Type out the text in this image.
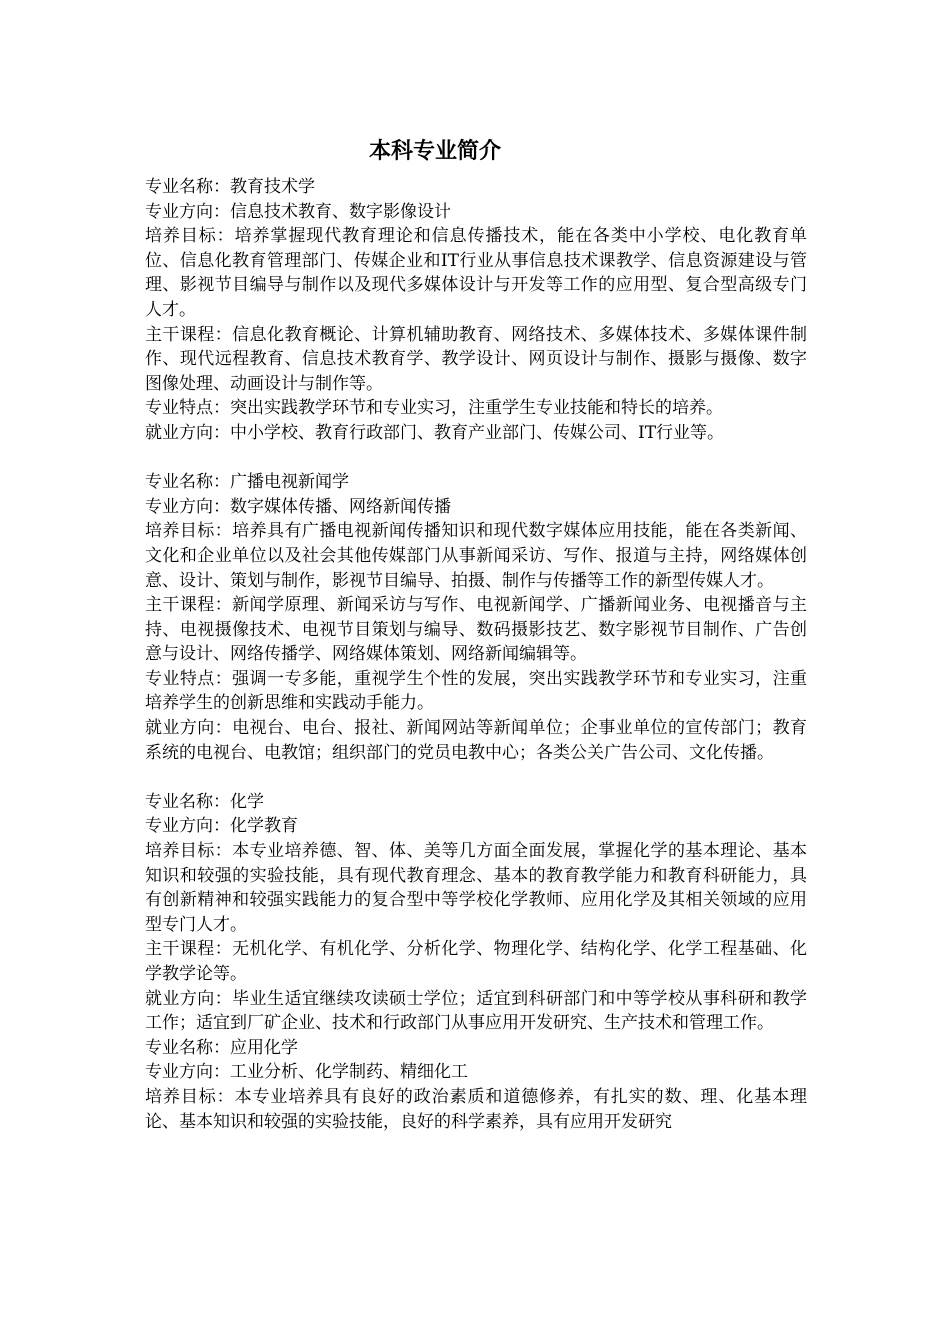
本科专业简介

专业名称：教育技术学

专业方向：信息技术教育、数字影像设计

培养目标：培养掌握现代教育理论和信息传播技术，能在各类中小学校、电化教育单位、信息化教育管理部门、传媒企业和IT行业从事信息技术课教学、信息资源建设与管理、影视节目编导与制作以及现代多媒体设计与开发等工作的应用型、复合型高级专门人才。

主干课程：信息化教育概论、计算机辅助教育、网络技术、多媒体技术、多媒体课件制作、现代远程教育、信息技术教育学、教学设计、网页设计与制作、摄影与摄像、数字图像处理、动画设计与制作等。

专业特点：突出实践教学环节和专业实习，注重学生专业技能和特长的培养。

就业方向：中小学校、教育行政部门、教育产业部门、传媒公司、IT行业等。

专业名称：广播电视新闻学

专业方向：数字媒体传播、网络新闻传播

培养目标：培养具有广播电视新闻传播知识和现代数字媒体应用技能，能在各类新闻、文化和企业单位以及社会其他传媒部门从事新闻采访、写作、报道与主持，网络媒体创意、设计、策划与制作，影视节目编导、拍摄、制作与传播等工作的新型传媒人才。

主干课程：新闻学原理、新闻采访与写作、电视新闻学、广播新闻业务、电视播音与主持、电视摄像技术、电视节目策划与编导、数码摄影技艺、数字影视节目制作、广告创意与设计、网络传播学、网络媒体策划、网络新闻编辑等。

专业特点：强调一专多能，重视学生个性的发展，突出实践教学环节和专业实习，注重培养学生的创新思维和实践动手能力。

就业方向：电视台、电台、报社、新闻网站等新闻单位；企事业单位的宣传部门；教育系统的电视台、电教馆；组织部门的党员电教中心；各类公关广告公司、文化传播。

专业名称：化学

专业方向：化学教育

培养目标：本专业培养德、智、体、美等几方面全面发展，掌握化学的基本理论、基本知识和较强的实验技能，具有现代教育理念、基本的教育教学能力和教育科研能力，具有创新精神和较强实践能力的复合型中等学校化学教师、应用化学及其相关领域的应用型专门人才。

主干课程：无机化学、有机化学、分析化学、物理化学、结构化学、化学工程基础、化学教学论等。

就业方向：毕业生适宜继续攻读硕士学位；适宜到科研部门和中等学校从事科研和教学工作；适宜到厂矿企业、技术和行政部门从事应用开发研究、生产技术和管理工作。

专业名称：应用化学

专业方向：工业分析、化学制药、精细化工

培养目标：本专业培养具有良好的政治素质和道德修养，有扎实的数、理、化基本理论、基本知识和较强的实验技能，良好的科学素养，具有应用开发研究
